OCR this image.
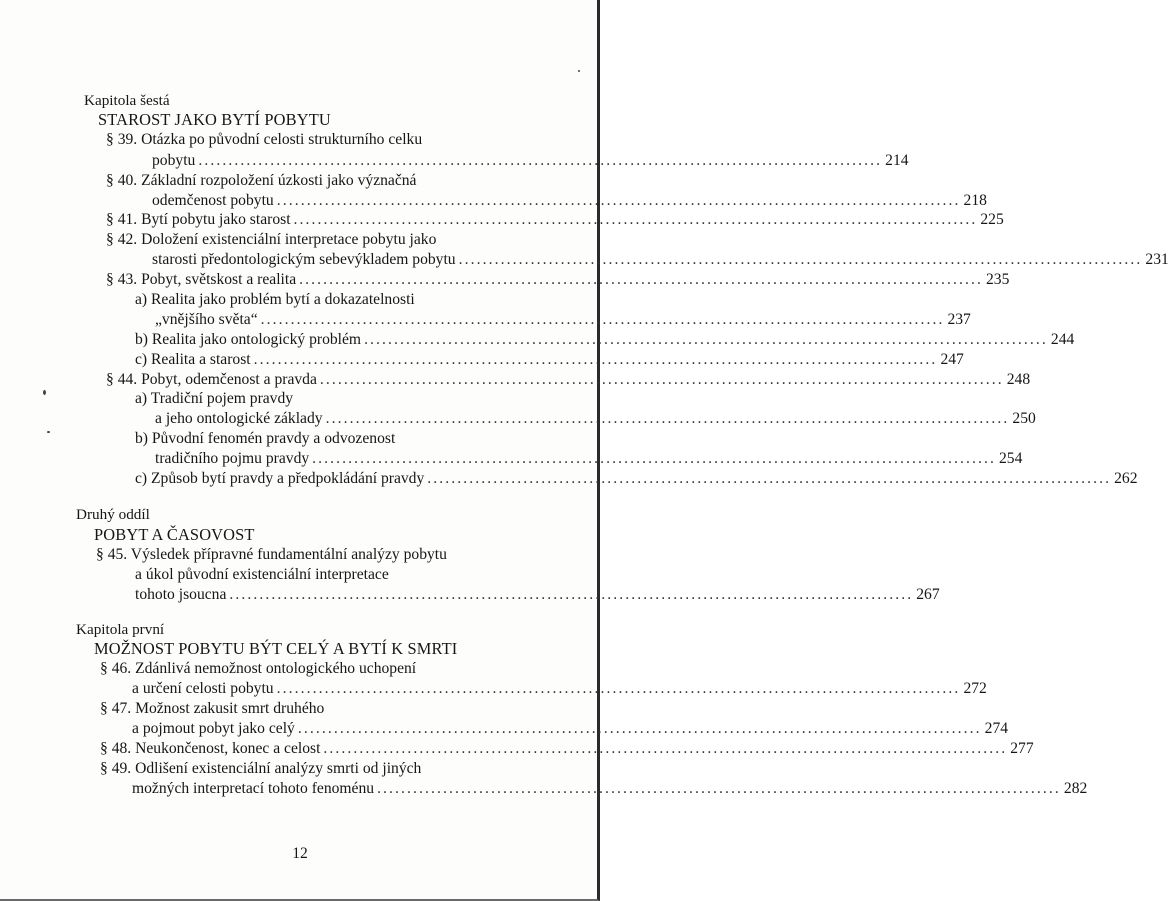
Kapitola šestá
STAROST JAKO BYTÍ POBYTU
§ 39. Otázka po původní celosti strukturního celku
pobytu .................................................................................................................. 214
§ 40. Základní rozpoložení úzkosti jako význačná
odemčenost pobytu .................................................................................................................. 218
§ 41. Bytí pobytu jako starost .................................................................................................................. 225
§ 42. Doložení existenciální interpretace pobytu jako
starosti předontologickým sebevýkladem pobytu .................................................................................................................. 231
§ 43. Pobyt, světskost a realita .................................................................................................................. 235
a) Realita jako problém bytí a dokazatelnosti
„vnějšího světa“ .................................................................................................................. 237
b) Realita jako ontologický problém .................................................................................................................. 244
c) Realita a starost .................................................................................................................. 247
§ 44. Pobyt, odemčenost a pravda .................................................................................................................. 248
a) Tradiční pojem pravdy
a jeho ontologické základy .................................................................................................................. 250
b) Původní fenomén pravdy a odvozenost
tradičního pojmu pravdy .................................................................................................................. 254
c) Způsob bytí pravdy a předpokládání pravdy .................................................................................................................. 262
Druhý oddíl
POBYT A ČASOVOST
§ 45. Výsledek přípravné fundamentální analýzy pobytu
a úkol původní existenciální interpretace
tohoto jsoucna .................................................................................................................. 267
Kapitola první
MOŽNOST POBYTU BÝT CELÝ A BYTÍ K SMRTI
§ 46. Zdánlivá nemožnost ontologického uchopení
a určení celosti pobytu .................................................................................................................. 272
§ 47. Možnost zakusit smrt druhého
a pojmout pobyt jako celý .................................................................................................................. 274
§ 48. Neukončenost, konec a celost .................................................................................................................. 277
§ 49. Odlišení existenciální analýzy smrti od jiných
možných interpretací tohoto fenoménu .................................................................................................................. 282
12
